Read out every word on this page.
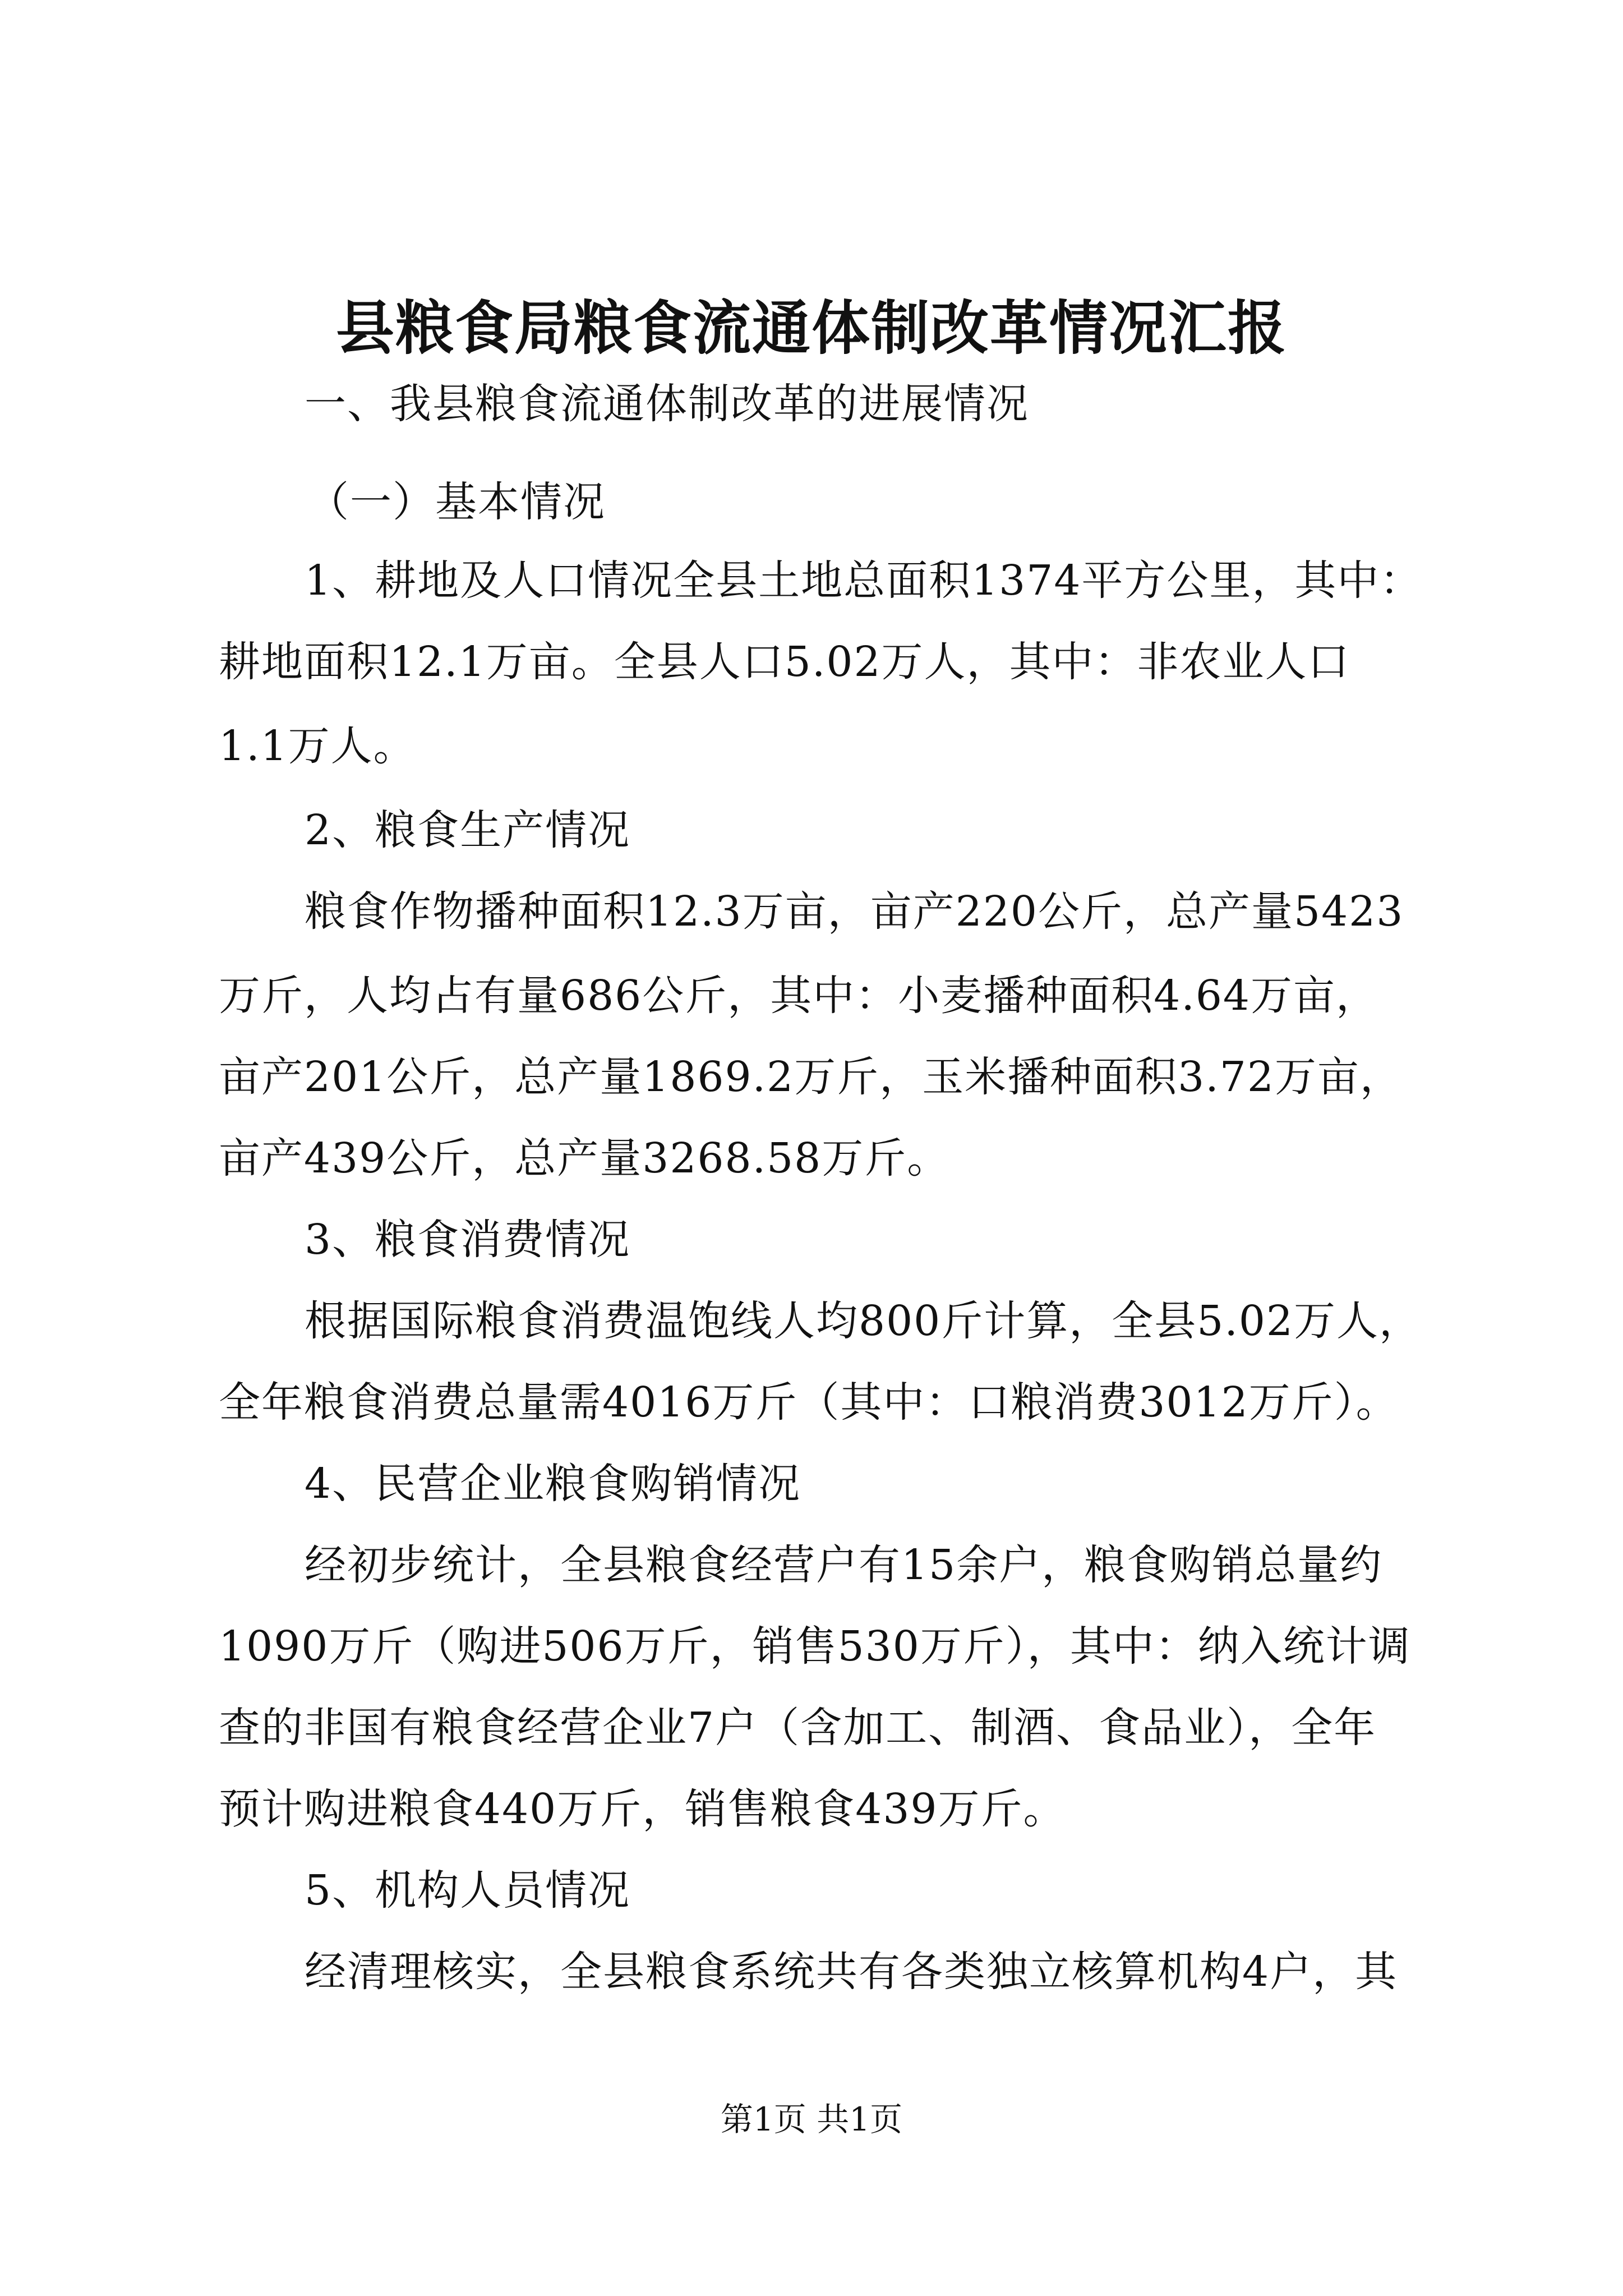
县粮食局粮食流通体制改革情况汇报
一、我县粮食流通体制改革的进展情况
（一）基本情况
1、耕地及人口情况全县土地总面积1374平方公里，其中：
耕地面积12.1万亩。全县人口5.02万人，其中：非农业人口
1.1万人。
2、粮食生产情况
粮食作物播种面积12.3万亩，亩产220公斤，总产量5423
万斤，人均占有量686公斤，其中：小麦播种面积4.64万亩，
亩产201公斤，总产量1869.2万斤，玉米播种面积3.72万亩，
亩产439公斤，总产量3268.58万斤。
3、粮食消费情况
根据国际粮食消费温饱线人均800斤计算，全县5.02万人，
全年粮食消费总量需4016万斤（其中：口粮消费3012万斤）。
4、民营企业粮食购销情况
经初步统计，全县粮食经营户有15余户，粮食购销总量约
1090万斤（购进506万斤，销售530万斤），其中：纳入统计调
查的非国有粮食经营企业7户（含加工、制酒、食品业），全年
预计购进粮食440万斤，销售粮食439万斤。
5、机构人员情况
经清理核实，全县粮食系统共有各类独立核算机构4户，其
第1页 共1页
